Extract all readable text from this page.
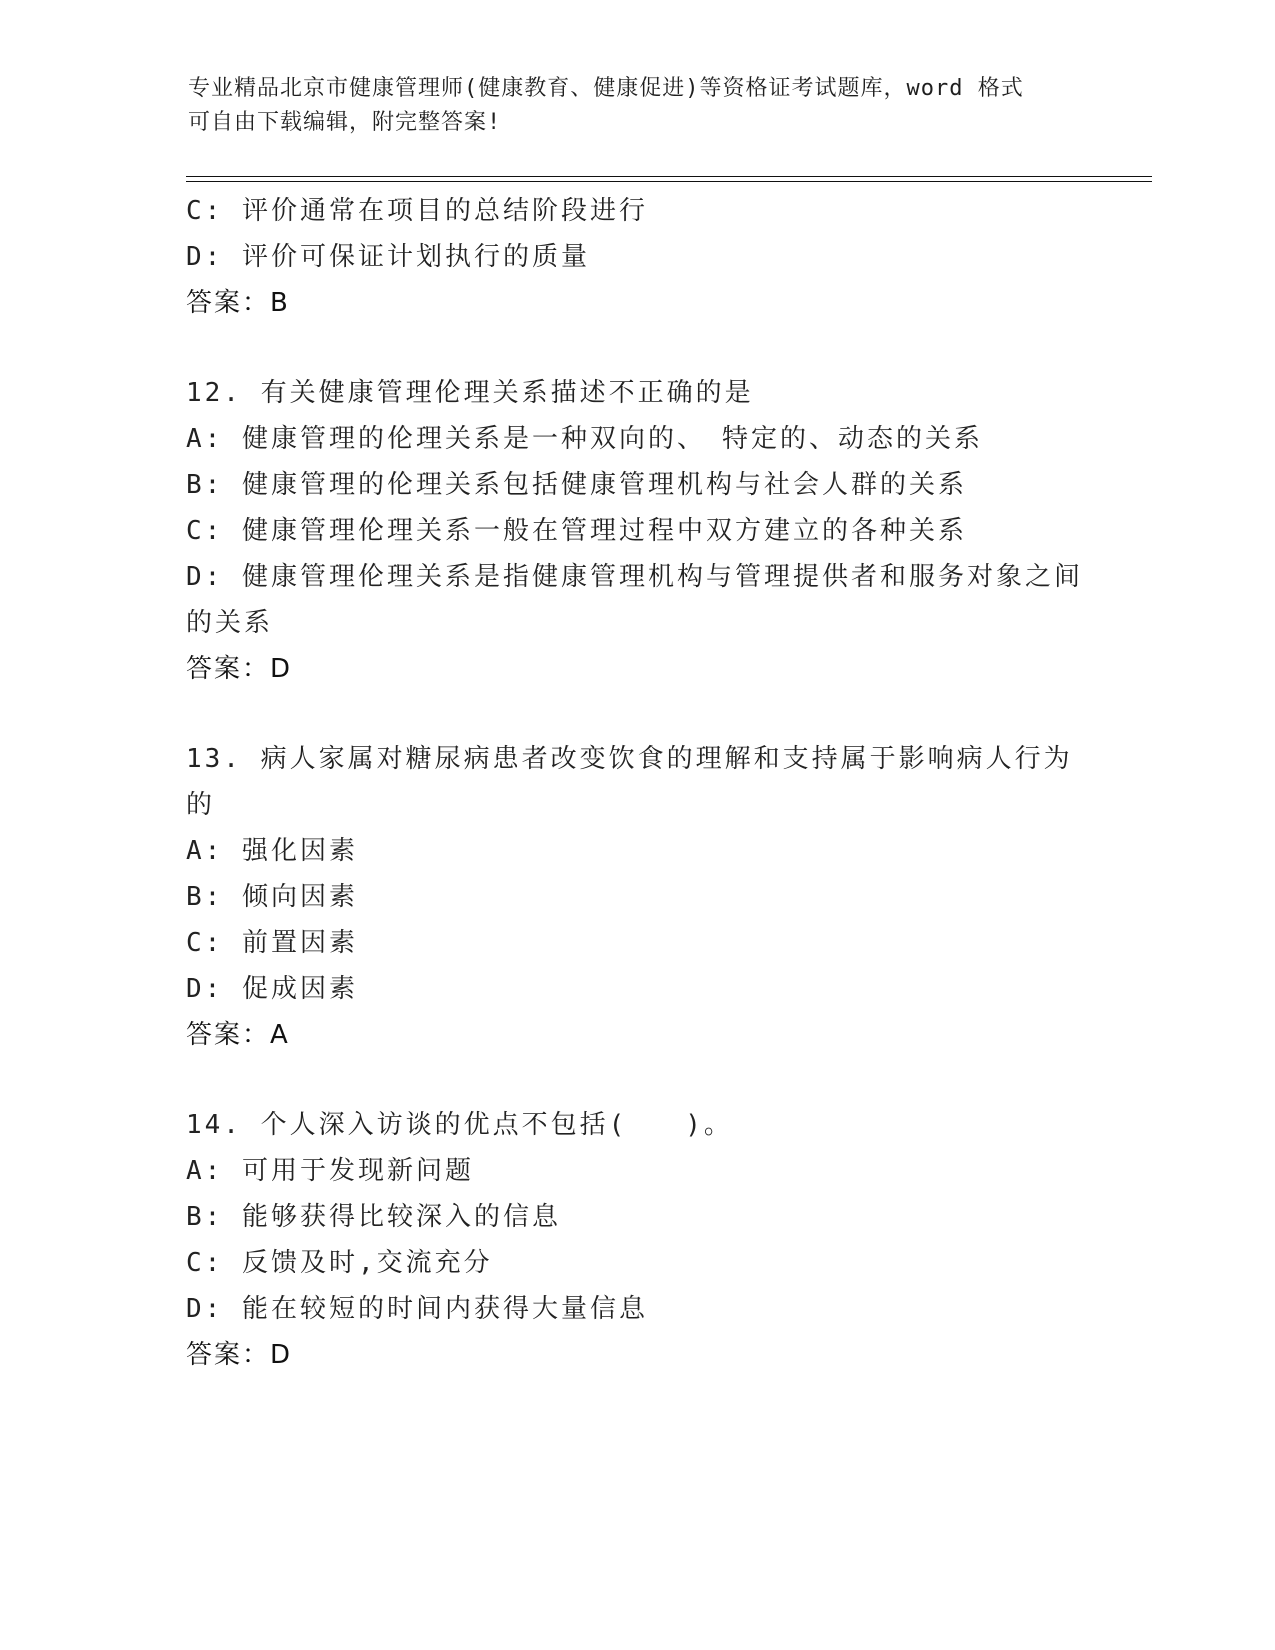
专业精品北京市健康管理师(健康教育、健康促进)等资格证考试题库，word 格式
可自由下载编辑，附完整答案!
C: 评价通常在项目的总结阶段进行
D: 评价可保证计划执行的质量
答案：B
12. 有关健康管理伦理关系描述不正确的是
A: 健康管理的伦理关系是一种双向的、　特定的、动态的关系
B: 健康管理的伦理关系包括健康管理机构与社会人群的关系
C: 健康管理伦理关系一般在管理过程中双方建立的各种关系
D: 健康管理伦理关系是指健康管理机构与管理提供者和服务对象之间
的关系
答案：D
13. 病人家属对糖尿病患者改变饮食的理解和支持属于影响病人行为
的
A: 强化因素
B: 倾向因素
C: 前置因素
D: 促成因素
答案：A
14. 个人深入访谈的优点不包括(　　)。
A: 可用于发现新问题
B: 能够获得比较深入的信息
C: 反馈及时,交流充分
D: 能在较短的时间内获得大量信息
答案：D
